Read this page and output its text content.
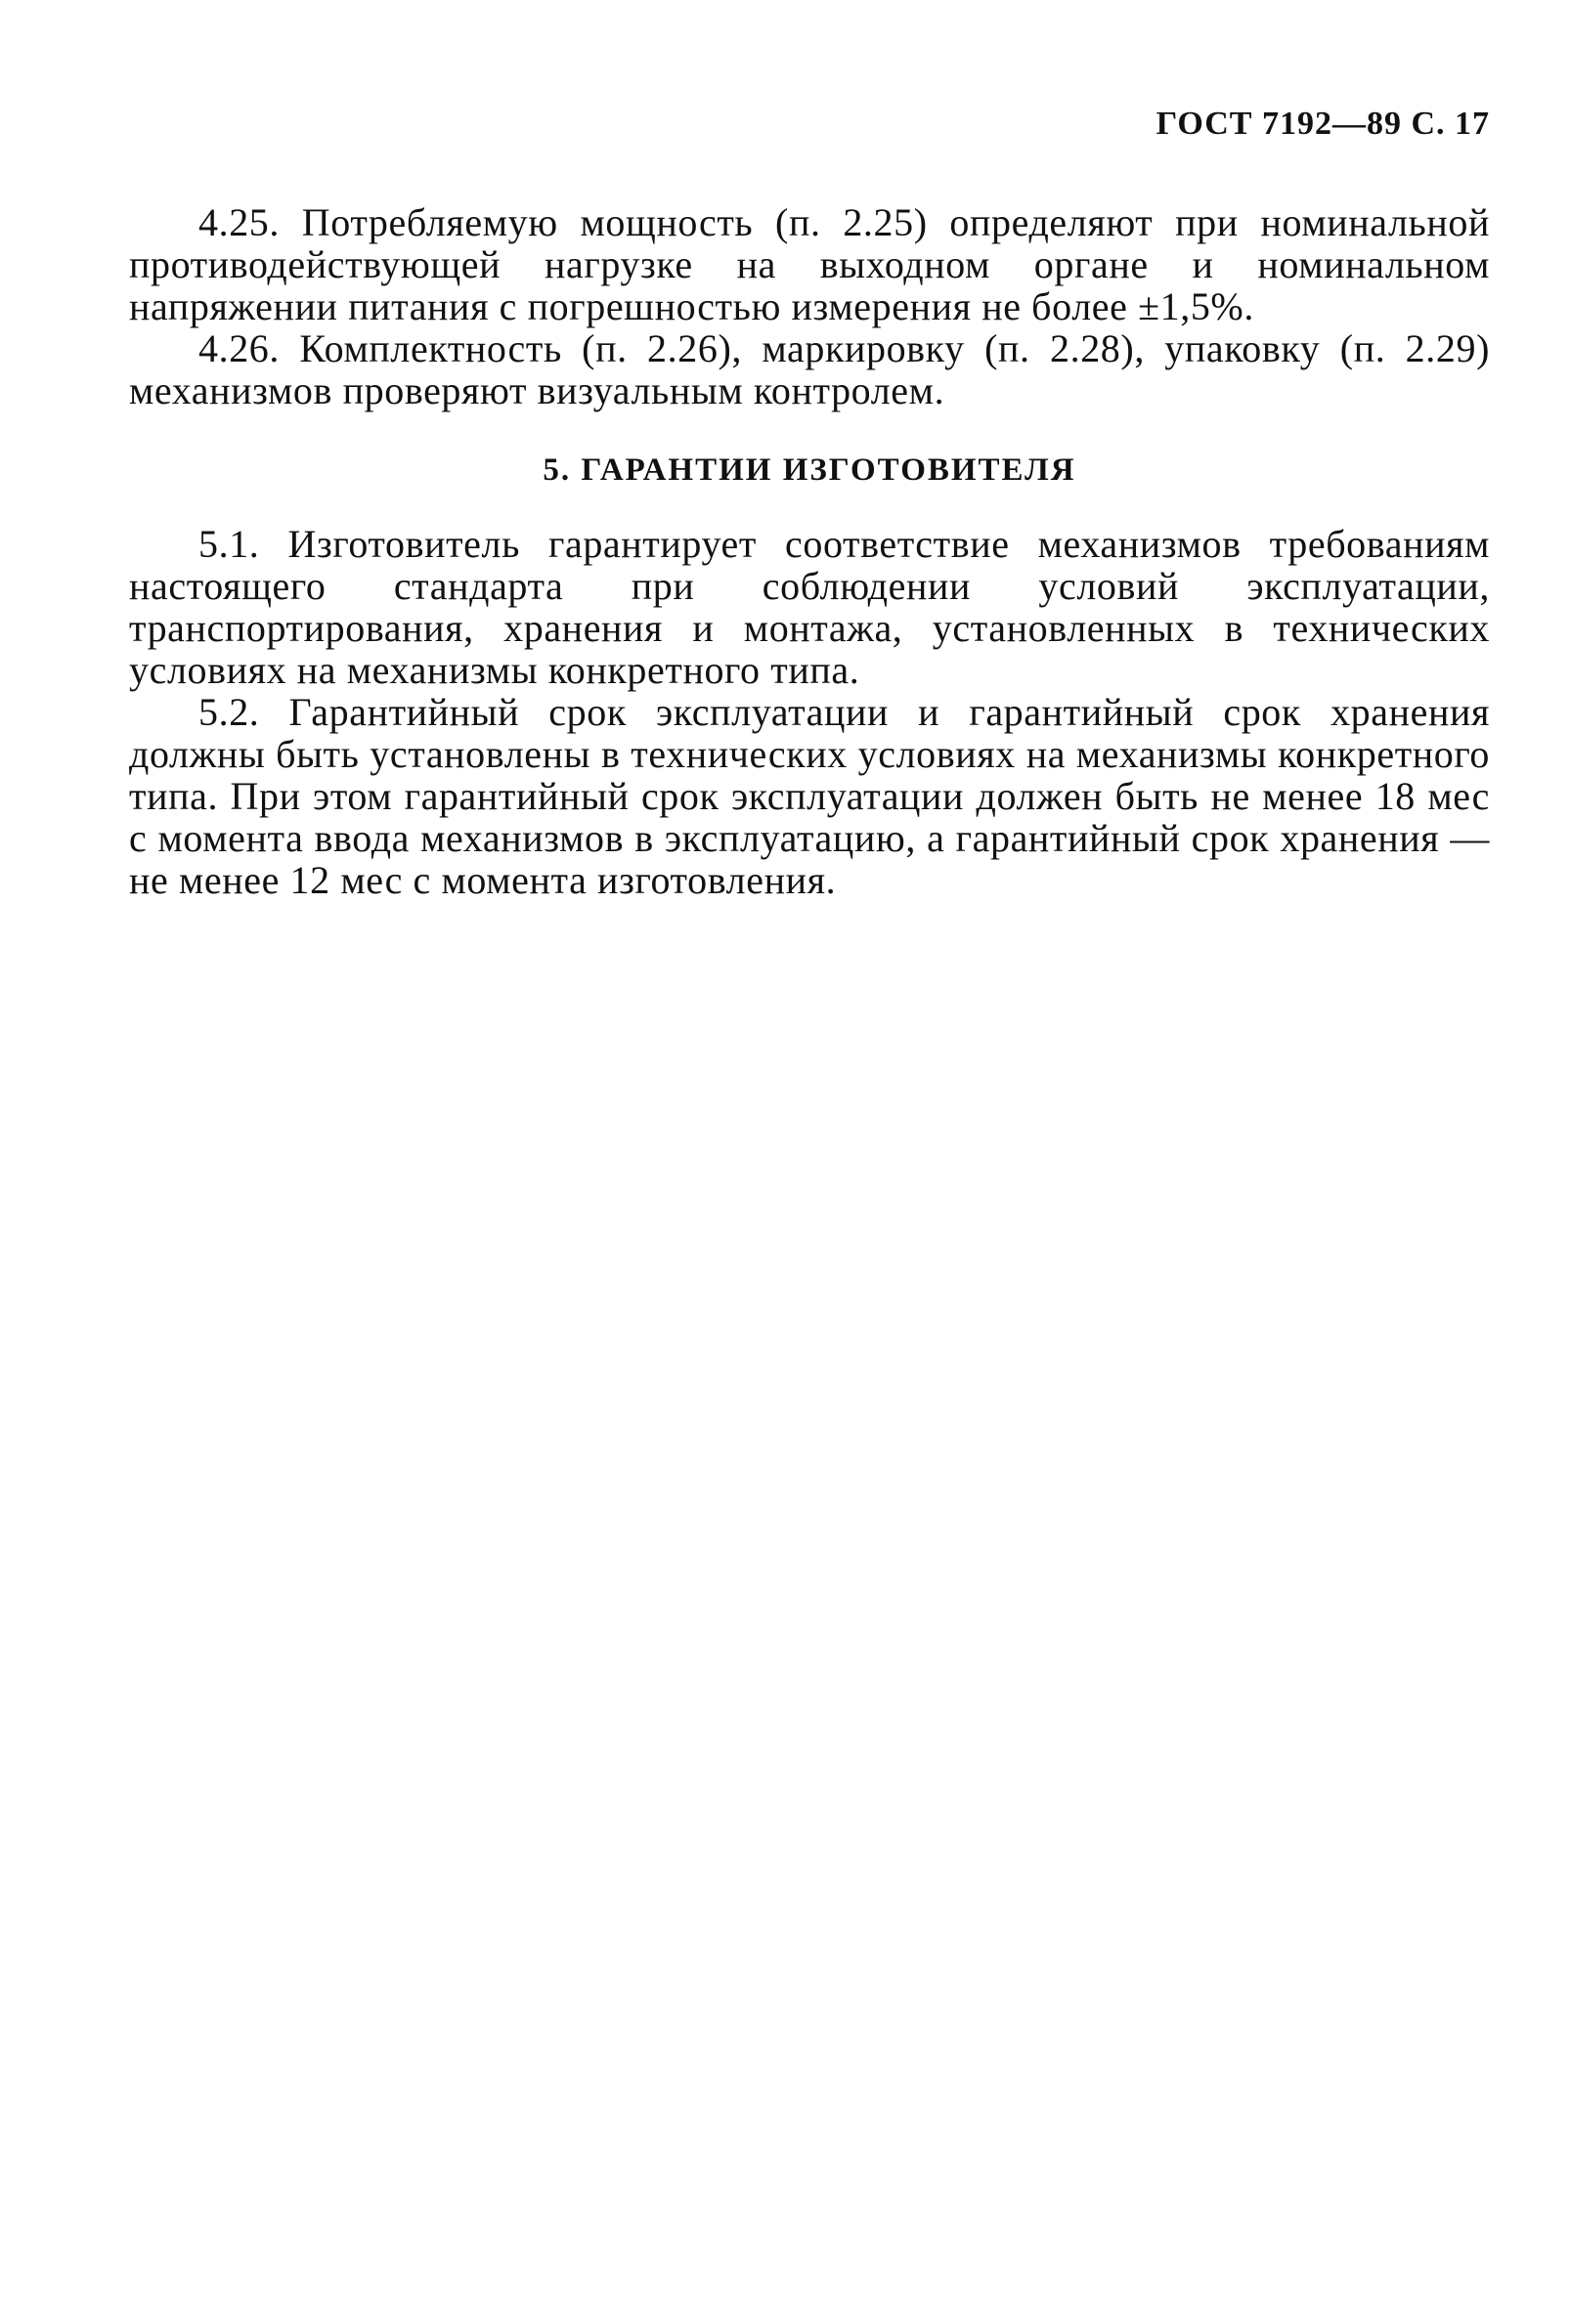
ГОСТ 7192—89 С. 17

4.25. Потребляемую мощность (п. 2.25) определяют при номинальной противодействующей нагрузке на выходном органе и номинальном напряжении питания с погрешностью измерения не более ±1,5%.

4.26. Комплектность (п. 2.26), маркировку (п. 2.28), упаковку (п. 2.29) механизмов проверяют визуальным контролем.

5. ГАРАНТИИ ИЗГОТОВИТЕЛЯ

5.1. Изготовитель гарантирует соответствие механизмов требованиям настоящего стандарта при соблюдении условий эксплуатации, транспортирования, хранения и монтажа, установленных в технических условиях на механизмы конкретного типа.

5.2. Гарантийный срок эксплуатации и гарантийный срок хранения должны быть установлены в технических условиях на механизмы конкретного типа. При этом гарантийный срок эксплуатации должен быть не менее 18 мес с момента ввода механизмов в эксплуатацию, а гарантийный срок хранения — не менее 12 мес с момента изготовления.
